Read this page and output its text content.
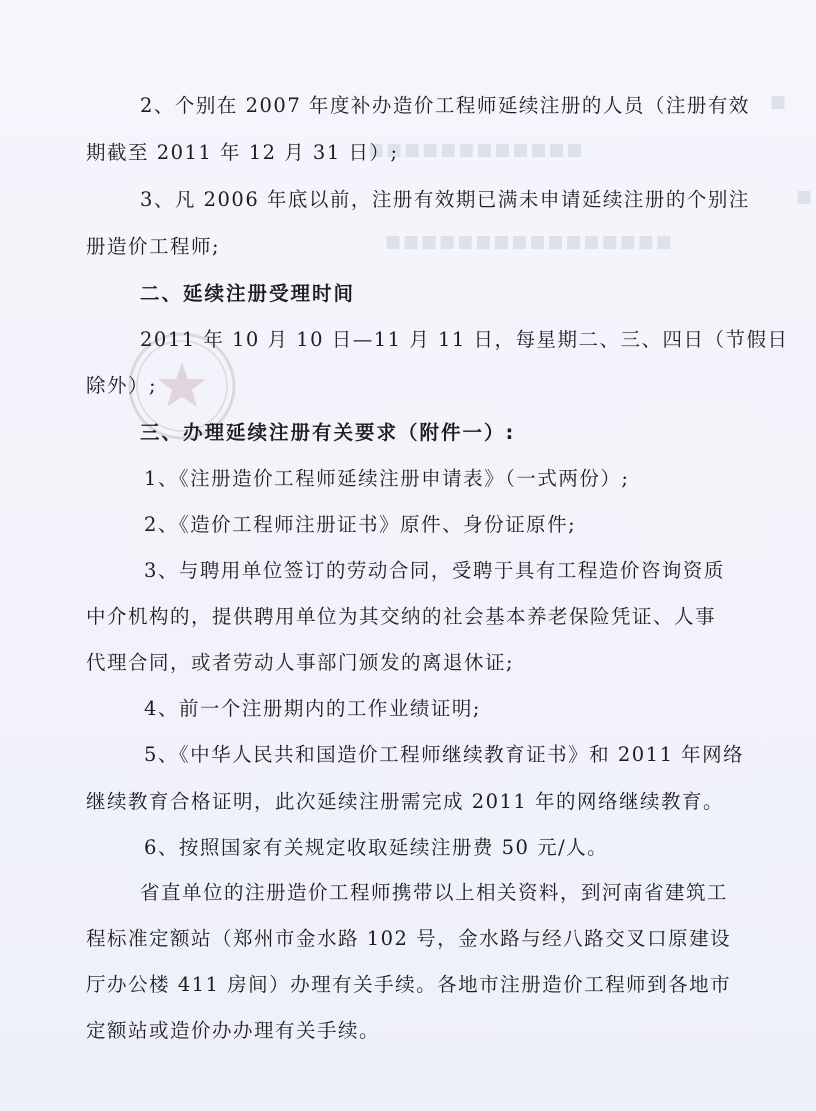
■■■■■■■■■■■■
■■■■■■■■■■■■■■■■
■
■
2、个别在 2007 年度补办造价工程师延续注册的人员（注册有效
期截至 2011 年 12 月 31 日）;
3、凡 2006 年底以前，注册有效期已满未申请延续注册的个别注
册造价工程师;
二、延续注册受理时间
2011 年 10 月 10 日—11 月 11 日，每星期二、三、四日（节假日
除外）;
三、办理延续注册有关要求（附件一）:
1、《注册造价工程师延续注册申请表》（一式两份）;
2、《造价工程师注册证书》原件、身份证原件;
3、与聘用单位签订的劳动合同，受聘于具有工程造价咨询资质
中介机构的，提供聘用单位为其交纳的社会基本养老保险凭证、人事
代理合同，或者劳动人事部门颁发的离退休证;
4、前一个注册期内的工作业绩证明;
5、《中华人民共和国造价工程师继续教育证书》和 2011 年网络
继续教育合格证明，此次延续注册需完成 2011 年的网络继续教育。
6、按照国家有关规定收取延续注册费 50 元/人。
省直单位的注册造价工程师携带以上相关资料，到河南省建筑工
程标准定额站（郑州市金水路 102 号，金水路与经八路交叉口原建设
厅办公楼 411 房间）办理有关手续。各地市注册造价工程师到各地市
定额站或造价办办理有关手续。
